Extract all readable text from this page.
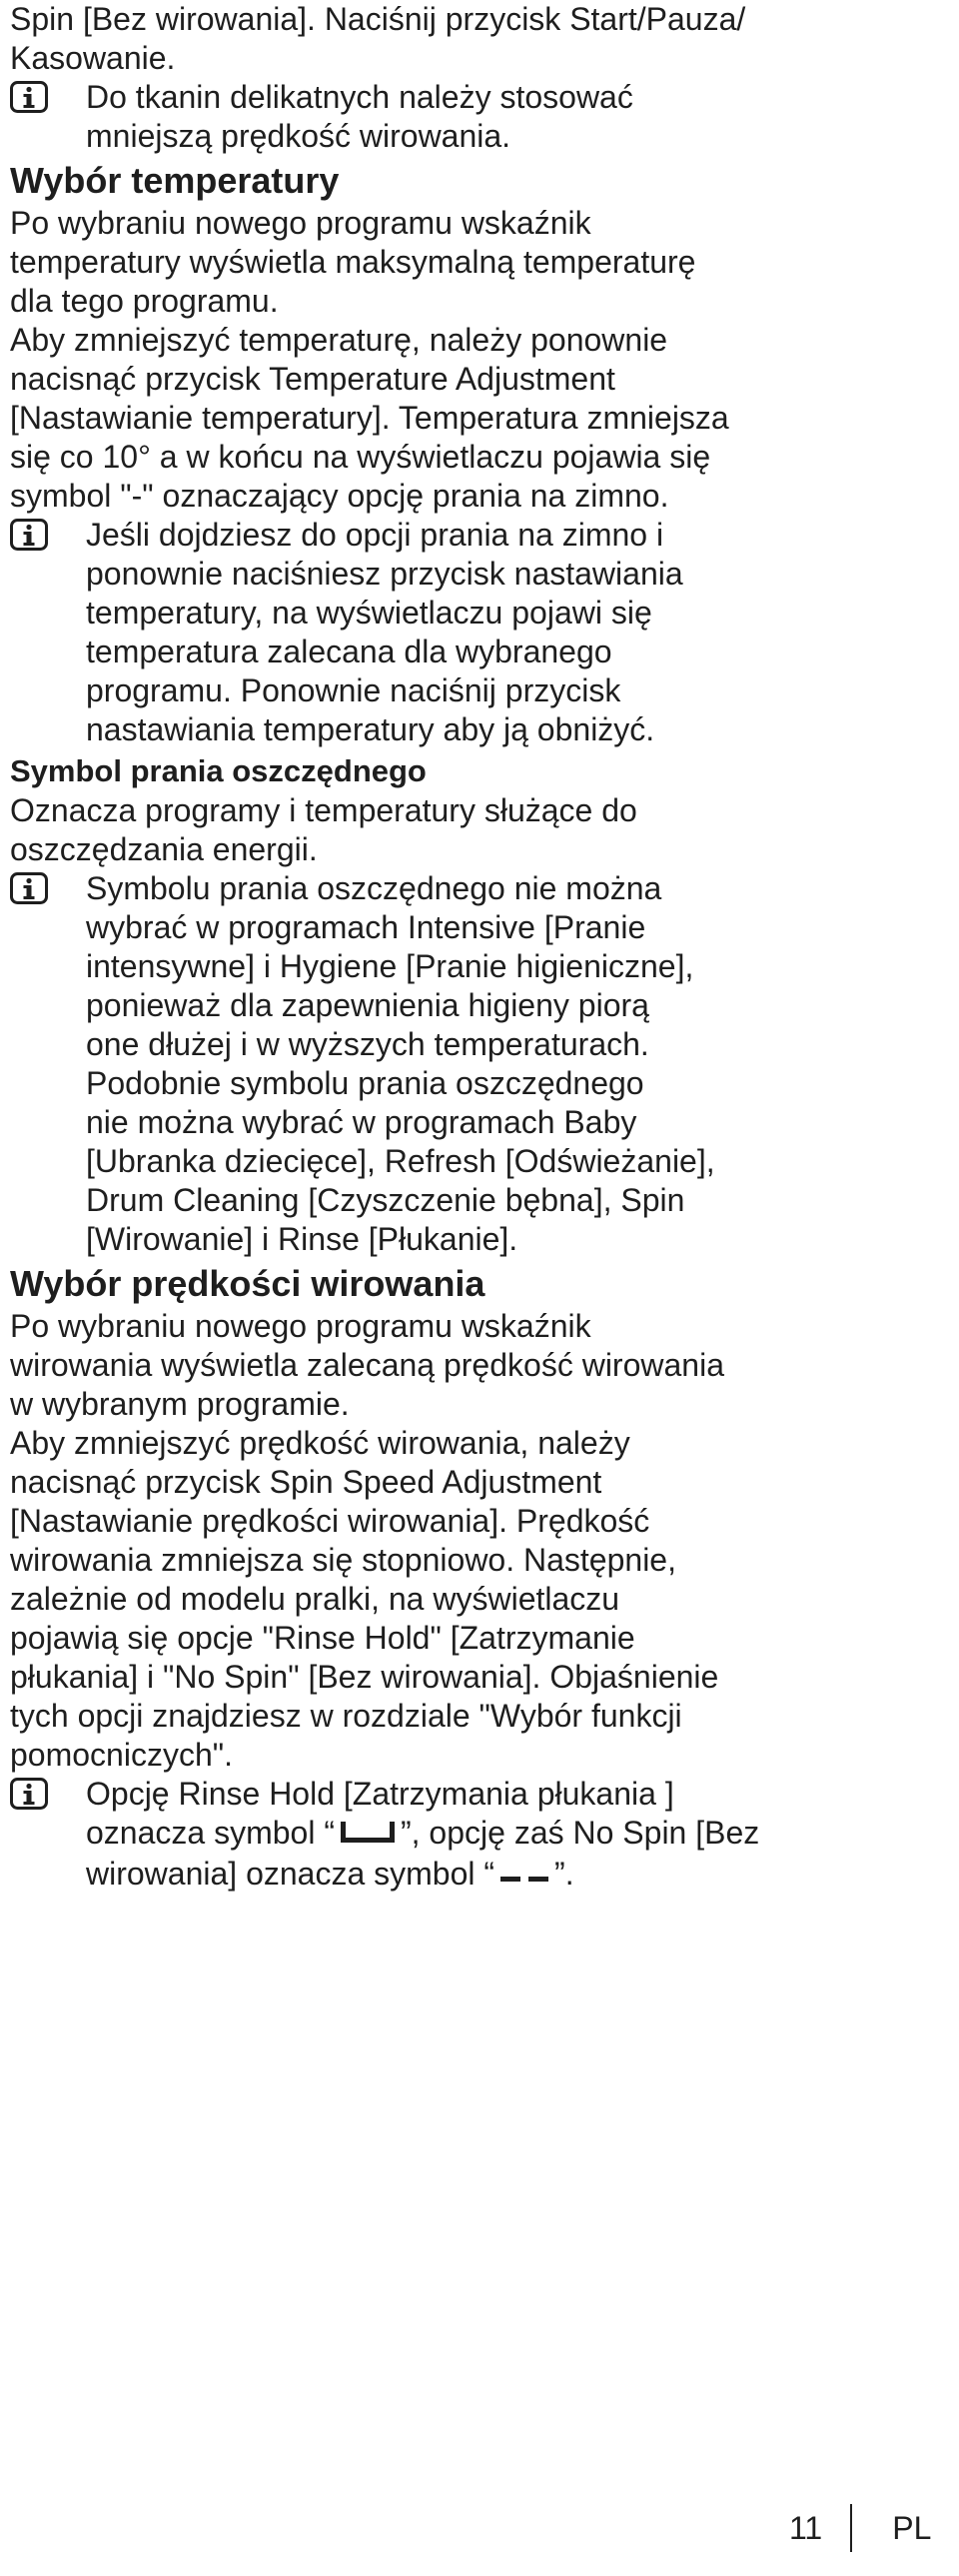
Spin [Bez wirowania]. Naciśnij przycisk Start/Pauza/

Kasowanie.

Do tkanin delikatnych należy stosować

mniejszą prędkość wirowania.

Wybór temperatury

Po wybraniu nowego programu wskaźnik

temperatury wyświetla maksymalną temperaturę

dla tego programu.

Aby zmniejszyć temperaturę, należy ponownie

nacisnąć przycisk Temperature Adjustment

[Nastawianie temperatury]. Temperatura zmniejsza

się co 10° a w końcu na wyświetlaczu pojawia się

symbol "-" oznaczający opcję prania na zimno.

Jeśli dojdziesz do opcji prania na zimno i

ponownie naciśniesz przycisk nastawiania

temperatury, na wyświetlaczu pojawi się

temperatura zalecana dla wybranego

programu. Ponownie naciśnij przycisk

nastawiania temperatury aby ją obniżyć.

Symbol prania oszczędnego

Oznacza programy i temperatury służące do

oszczędzania energii.

Symbolu prania oszczędnego nie można

wybrać w programach Intensive [Pranie

intensywne] i Hygiene [Pranie higieniczne],

ponieważ dla zapewnienia higieny piorą

one dłużej i w wyższych temperaturach.

Podobnie symbolu prania oszczędnego

nie można wybrać w programach Baby

[Ubranka dziecięce], Refresh [Odświeżanie],

Drum Cleaning [Czyszczenie bębna], Spin

[Wirowanie] i Rinse [Płukanie].

Wybór prędkości wirowania

Po wybraniu nowego programu wskaźnik

wirowania wyświetla zalecaną prędkość wirowania

w wybranym programie.

Aby zmniejszyć prędkość wirowania, należy

nacisnąć przycisk Spin Speed Adjustment

[Nastawianie prędkości wirowania]. Prędkość

wirowania zmniejsza się stopniowo. Następnie,

zależnie od modelu pralki, na wyświetlaczu

pojawią się opcje "Rinse Hold" [Zatrzymanie

płukania] i "No Spin" [Bez wirowania]. Objaśnienie

tych opcji znajdziesz w rozdziale "Wybór funkcji

pomocniczych".

Opcję Rinse Hold [Zatrzymania płukania ]

oznacza symbol “ ”, opcję zaś No Spin [Bez

wirowania] oznacza symbol “ ”.

11 PL
